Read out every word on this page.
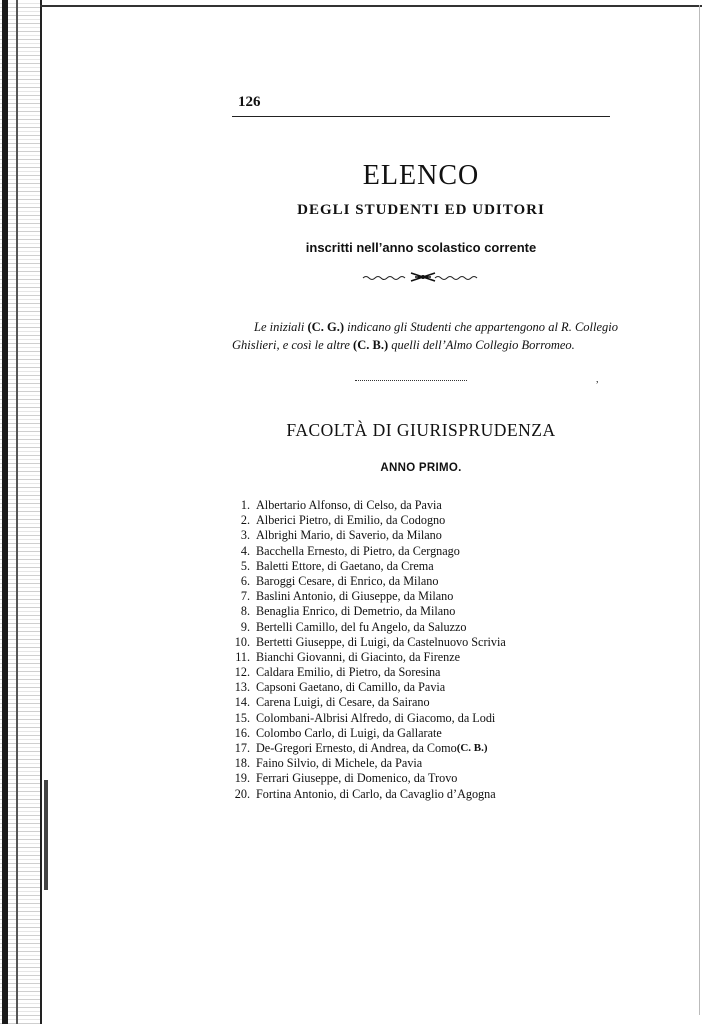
126
ELENCO
DEGLI STUDENTI ED UDITORI
inscritti nell’anno scolastico corrente
Le iniziali (C. G.) indicano gli Studenti che appartengono al R. Collegio Ghislieri, e così le altre (C. B.) quelli dell’Almo Collegio Borromeo.
,
FACOLTÀ DI GIURISPRUDENZA
ANNO PRIMO.
1. Albertario Alfonso, di Celso, da Pavia
2. Alberici Pietro, di Emilio, da Codogno
3. Albrighi Mario, di Saverio, da Milano
4. Bacchella Ernesto, di Pietro, da Cergnago
5. Baletti Ettore, di Gaetano, da Crema
6. Baroggi Cesare, di Enrico, da Milano
7. Baslini Antonio, di Giuseppe, da Milano
8. Benaglia Enrico, di Demetrio, da Milano
9. Bertelli Camillo, del fu Angelo, da Saluzzo
10. Bertetti Giuseppe, di Luigi, da Castelnuovo Scrivia
11. Bianchi Giovanni, di Giacinto, da Firenze
12. Caldara Emilio, di Pietro, da Soresina
13. Capsoni Gaetano, di Camillo, da Pavia
14. Carena Luigi, di Cesare, da Sairano
15. Colombani-Albrisi Alfredo, di Giacomo, da Lodi
16. Colombo Carlo, di Luigi, da Gallarate
17. De-Gregori Ernesto, di Andrea, da Como (C. B.)
18. Faino Silvio, di Michele, da Pavia
19. Ferrari Giuseppe, di Domenico, da Trovo
20. Fortina Antonio, di Carlo, da Cavaglio d’Agogna
